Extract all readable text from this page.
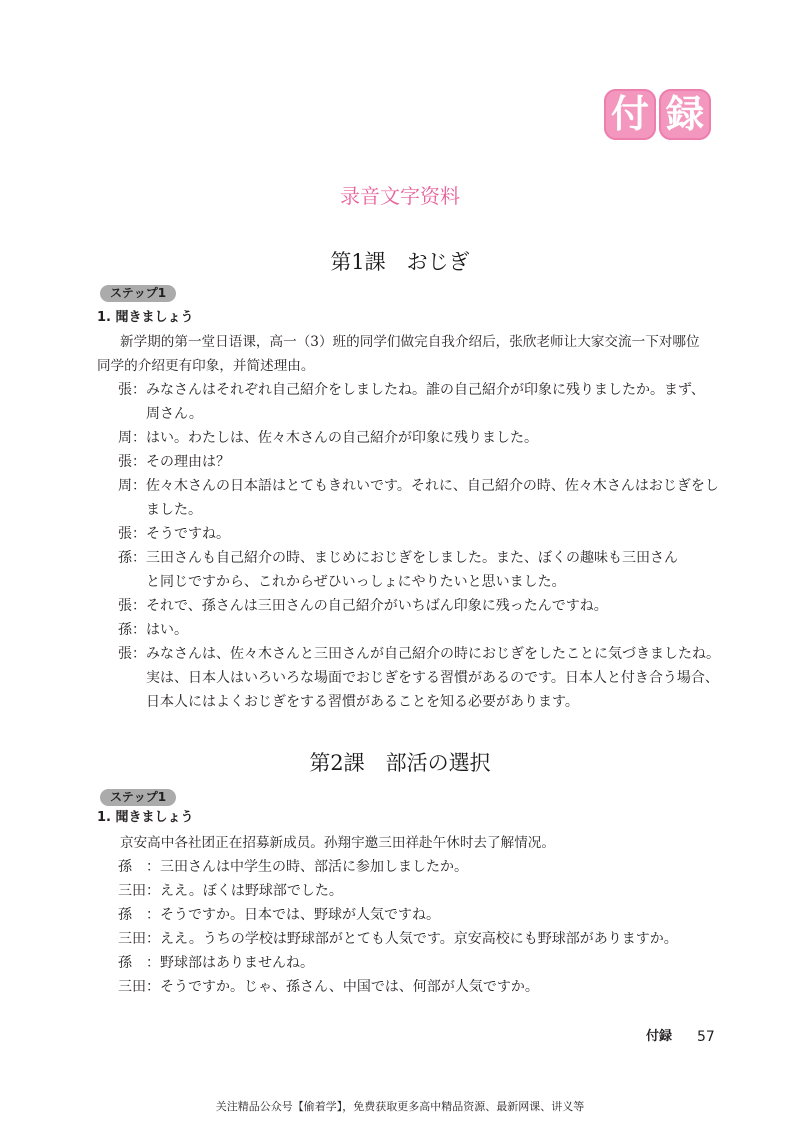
付 録
录音文字资料
第1課　おじぎ
ステップ1
1. 聞きましょう
新学期的第一堂日语课，高一（3）班的同学们做完自我介绍后，张欣老师让大家交流一下对哪位
同学的介绍更有印象，并简述理由。
張 ： みなさんはそれぞれ自己紹介をしましたね。誰の自己紹介が印象に残りましたか。まず、
周さん。
周 ： はい。わたしは、佐々木さんの自己紹介が印象に残りました。
張 ： その理由は？
周 ： 佐々木さんの日本語はとてもきれいです。それに、自己紹介の時、佐々木さんはおじぎをし
ました。
張 ： そうですね。
孫 ： 三田さんも自己紹介の時、まじめにおじぎをしました。また、ぼくの趣味も三田さん
と同じですから、これからぜひいっしょにやりたいと思いました。
張 ： それで、孫さんは三田さんの自己紹介がいちばん印象に残ったんですね。
孫 ： はい。
張 ： みなさんは、佐々木さんと三田さんが自己紹介の時におじぎをしたことに気づきましたね。
実は、日本人はいろいろな場面でおじぎをする習慣があるのです。日本人と付き合う場合、
日本人にはよくおじぎをする習慣があることを知る必要があります。
第2課　部活の選択
ステップ1
1. 聞きましょう
京安高中各社团正在招募新成员。孙翔宇邀三田祥赴午休时去了解情况。
孫	： 三田さんは中学生の時、部活に参加しましたか。
三田 ： ええ。ぼくは野球部でした。
孫	： そうですか。日本では、野球が人気ですね。
三田 ： ええ。うちの学校は野球部がとても人気です。京安高校にも野球部がありますか。
孫	： 野球部はありませんね。
三田 ： そうですか。じゃ、孫さん、中国では、何部が人気ですか。
付録 57
关注精品公众号【偷着学】，免费获取更多高中精品资源、最新网课、讲义等
